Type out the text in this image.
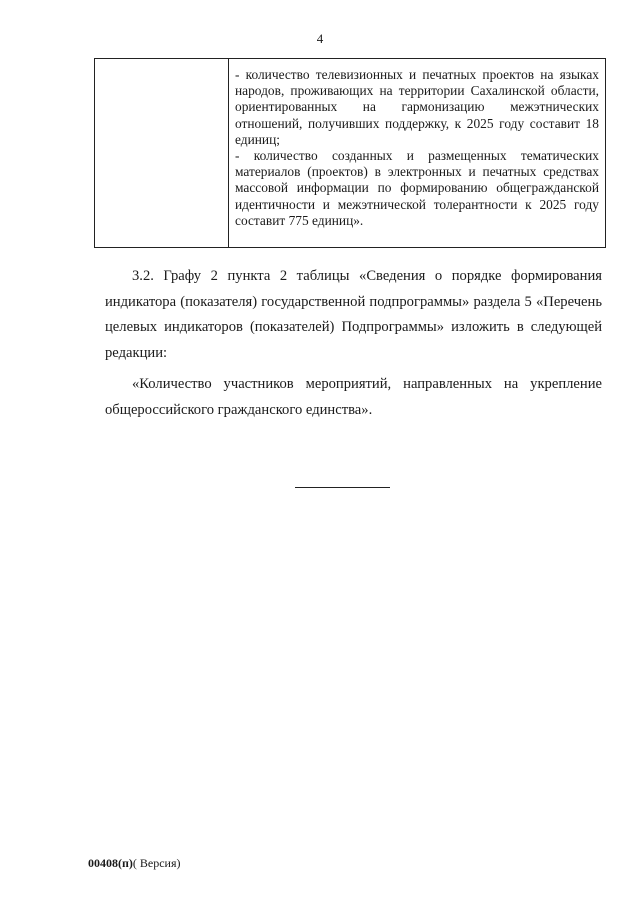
4
- количество телевизионных и печатных проектов на языках народов, проживающих на территории Сахалинской области, ориентированных на гармонизацию межэтнических отношений, получивших поддержку, к 2025 году составит 18 единиц;
- количество созданных и размещенных тематических материалов (проектов) в электронных и печатных средствах массовой информации по формированию общегражданской идентичности и межэтнической толерантности к 2025 году составит 775 единиц».

3.2. Графу 2 пункта 2 таблицы «Сведения о порядке формирования индикатора (показателя) государственной подпрограммы» раздела 5 «Перечень целевых индикаторов (показателей) Подпрограммы» изложить в следующей редакции:

«Количество участников мероприятий, направленных на укрепление общероссийского гражданского единства».

00408(п)( Версия)
